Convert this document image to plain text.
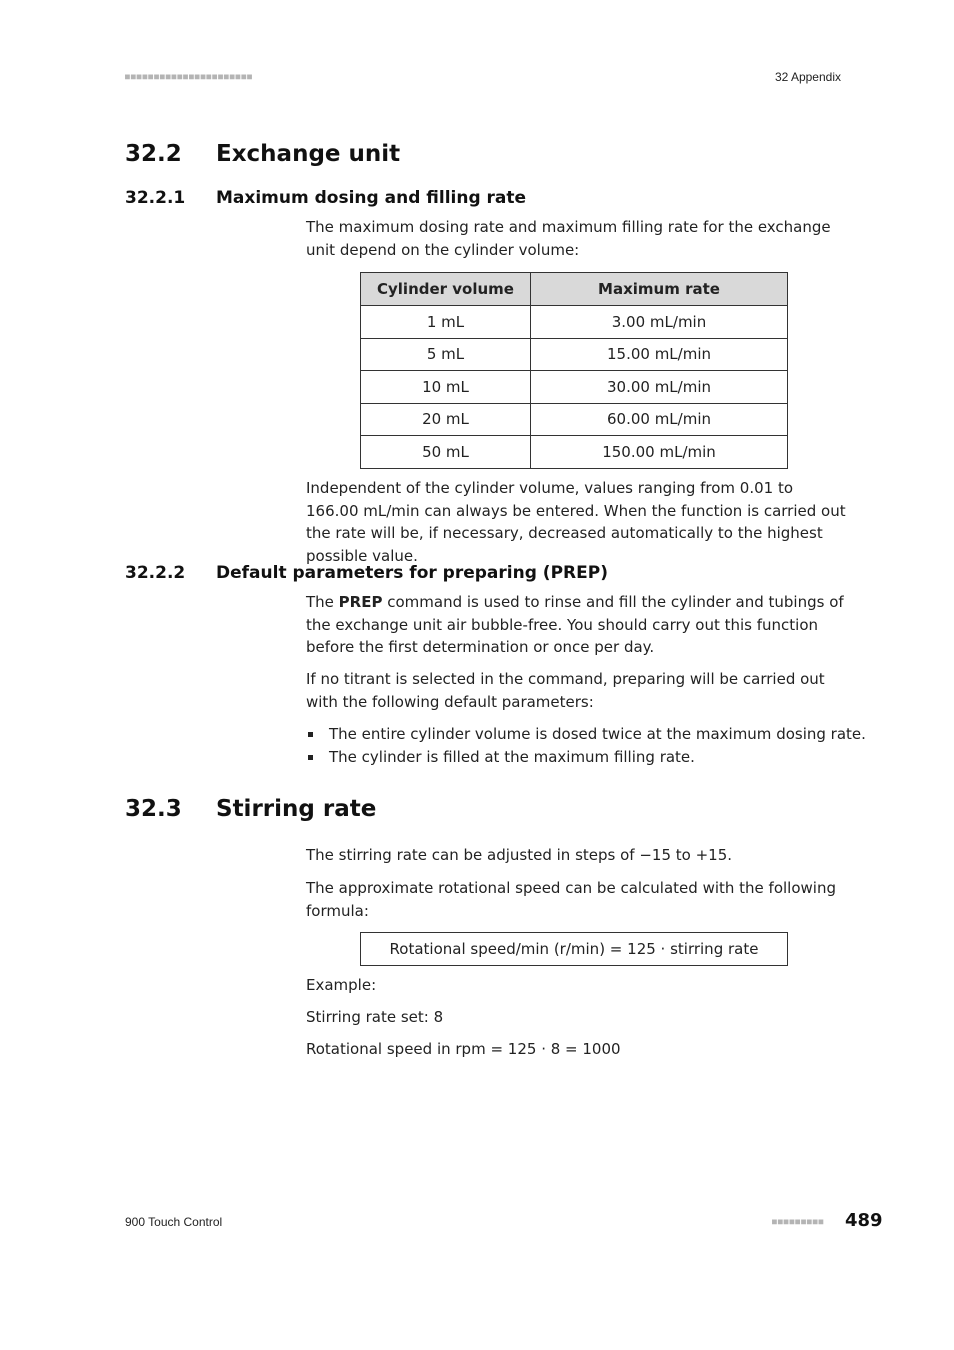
■■■■■■■■■■■■■■■■■■■■■■	32 Appendix
32.2 Exchange unit
32.2.1 Maximum dosing and filling rate
The maximum dosing rate and maximum filling rate for the exchange unit depend on the cylinder volume:
Cylinder volume	Maximum rate
1 mL	3.00 mL/min
5 mL	15.00 mL/min
10 mL	30.00 mL/min
20 mL	60.00 mL/min
50 mL	150.00 mL/min
Independent of the cylinder volume, values ranging from 0.01 to 166.00 mL/min can always be entered. When the function is carried out the rate will be, if necessary, decreased automatically to the highest possible value.
32.2.2 Default parameters for preparing (PREP)
The PREP command is used to rinse and fill the cylinder and tubings of the exchange unit air bubble-free. You should carry out this function before the first determination or once per day.
If no titrant is selected in the command, preparing will be carried out with the following default parameters:
The entire cylinder volume is dosed twice at the maximum dosing rate.
The cylinder is filled at the maximum filling rate.
32.3 Stirring rate
The stirring rate can be adjusted in steps of −15 to +15.
The approximate rotational speed can be calculated with the following formula:
Rotational speed/min (r/min) = 125 · stirring rate
Example:
Stirring rate set: 8
Rotational speed in rpm = 125 · 8 = 1000
900 Touch Control	■■■■■■■■■ 489
